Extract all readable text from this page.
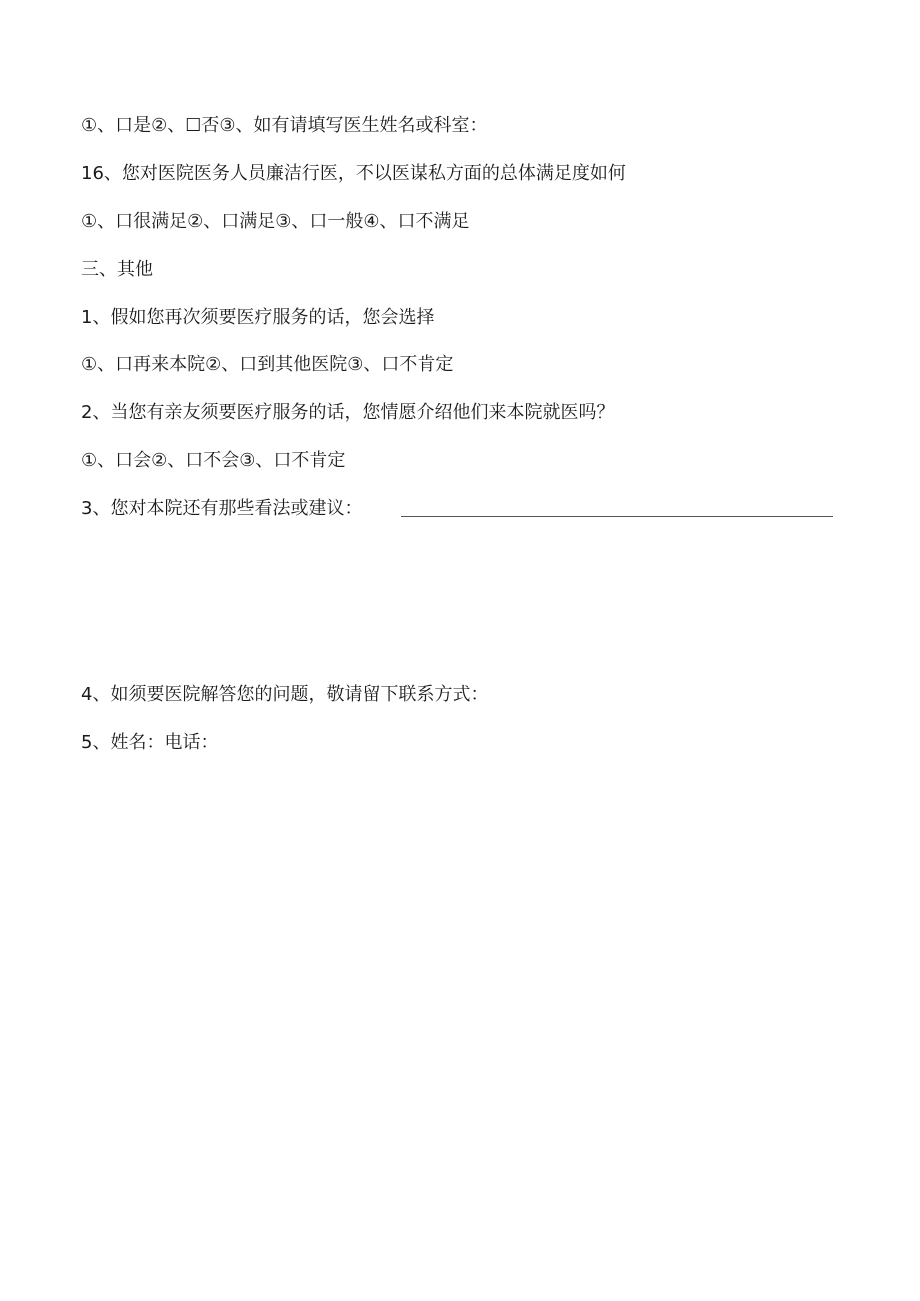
①、口是②、☐否③、如有请填写医生姓名或科室：
16、您对医院医务人员廉洁行医，不以医谋私方面的总体满足度如何
①、口很满足②、口满足③、口一般④、口不满足
三、其他
1、假如您再次须要医疗服务的话，您会选择
①、口再来本院②、口到其他医院③、口不肯定
2、当您有亲友须要医疗服务的话，您情愿介绍他们来本院就医吗？
①、口会②、口不会③、口不肯定
3、您对本院还有那些看法或建议：
4、如须要医院解答您的问题，敬请留下联系方式：
5、姓名：电话：
